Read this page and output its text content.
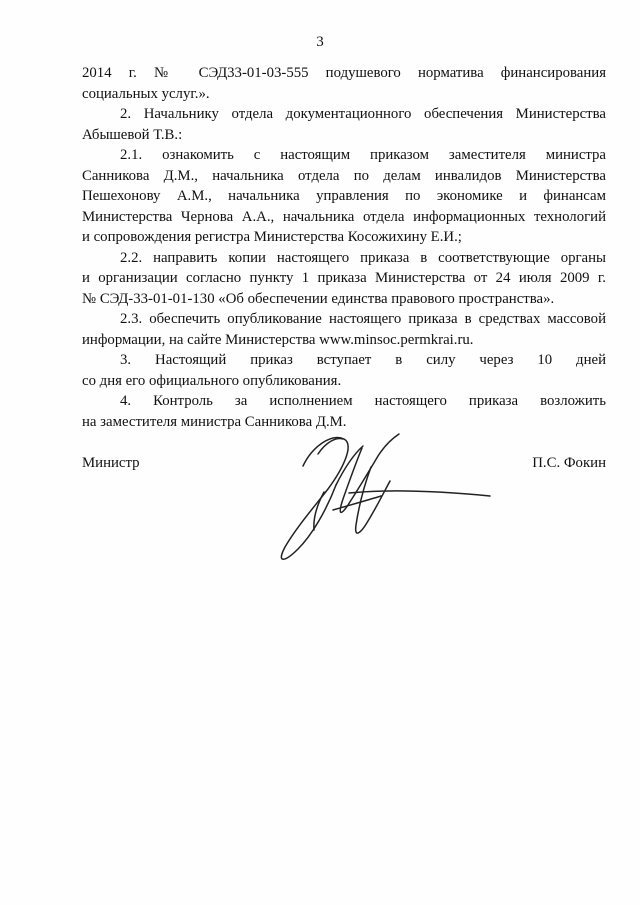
3

2014 г. № СЭД33-01-03-555 подушевого норматива финансирования
социальных услуг.».

2. Начальнику отдела документационного обеспечения Министерства
Абышевой Т.В.:

2.1. ознакомить с настоящим приказом заместителя министра
Санникова Д.М., начальника отдела по делам инвалидов Министерства
Пешехонову А.М., начальника управления по экономике и финансам
Министерства Чернова А.А., начальника отдела информационных технологий
и сопровождения регистра Министерства Косожихину Е.И.;

2.2. направить копии настоящего приказа в соответствующие органы
и организации согласно пункту 1 приказа Министерства от 24 июля 2009 г.
№ СЭД-33-01-01-130 «Об обеспечении единства правового пространства».

2.3. обеспечить опубликование настоящего приказа в средствах массовой
информации, на сайте Министерства www.minsoc.permkrai.ru.

3. Настоящий приказ вступает в силу через 10 дней
со дня его официального опубликования.

4. Контроль за исполнением настоящего приказа возложить
на заместителя министра Санникова Д.М.

Министр	П.С. Фокин
